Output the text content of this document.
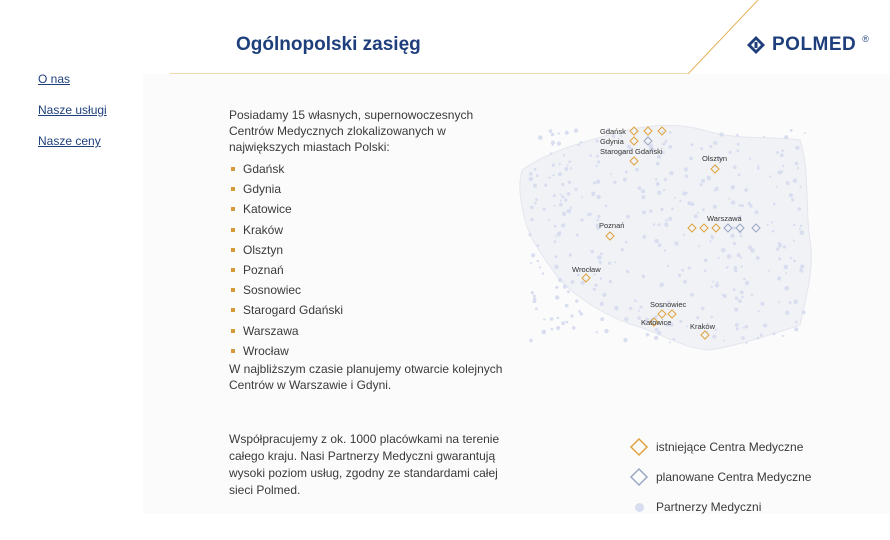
Ogólnopolski zasięg	POLMED ®
O nas
Nasze usługi
Nasze ceny
Posiadamy 15 własnych, supernowoczesnych Centrów Medycznych zlokalizowanych w największych miastach Polski:
Gdańsk
Gdynia
Katowice
Kraków
Olsztyn
Poznań
Sosnowiec
Starogard Gdański
Warszawa
Wrocław
W najbliższym czasie planujemy otwarcie kolejnych Centrów w Warszawie i Gdyni.
Współpracujemy z ok. 1000 placówkami na terenie całego kraju. Nasi Partnerzy Medyczni gwarantują wysoki poziom usług, zgodny ze standardami całej sieci Polmed.
Gdańsk
Gdynia
Starogard Gdański
Olsztyn
Poznań
Warszawa
Wrocław
Sosnowiec
Katowice Kraków
istniejące Centra Medyczne
planowane Centra Medyczne
Partnerzy Medyczni
